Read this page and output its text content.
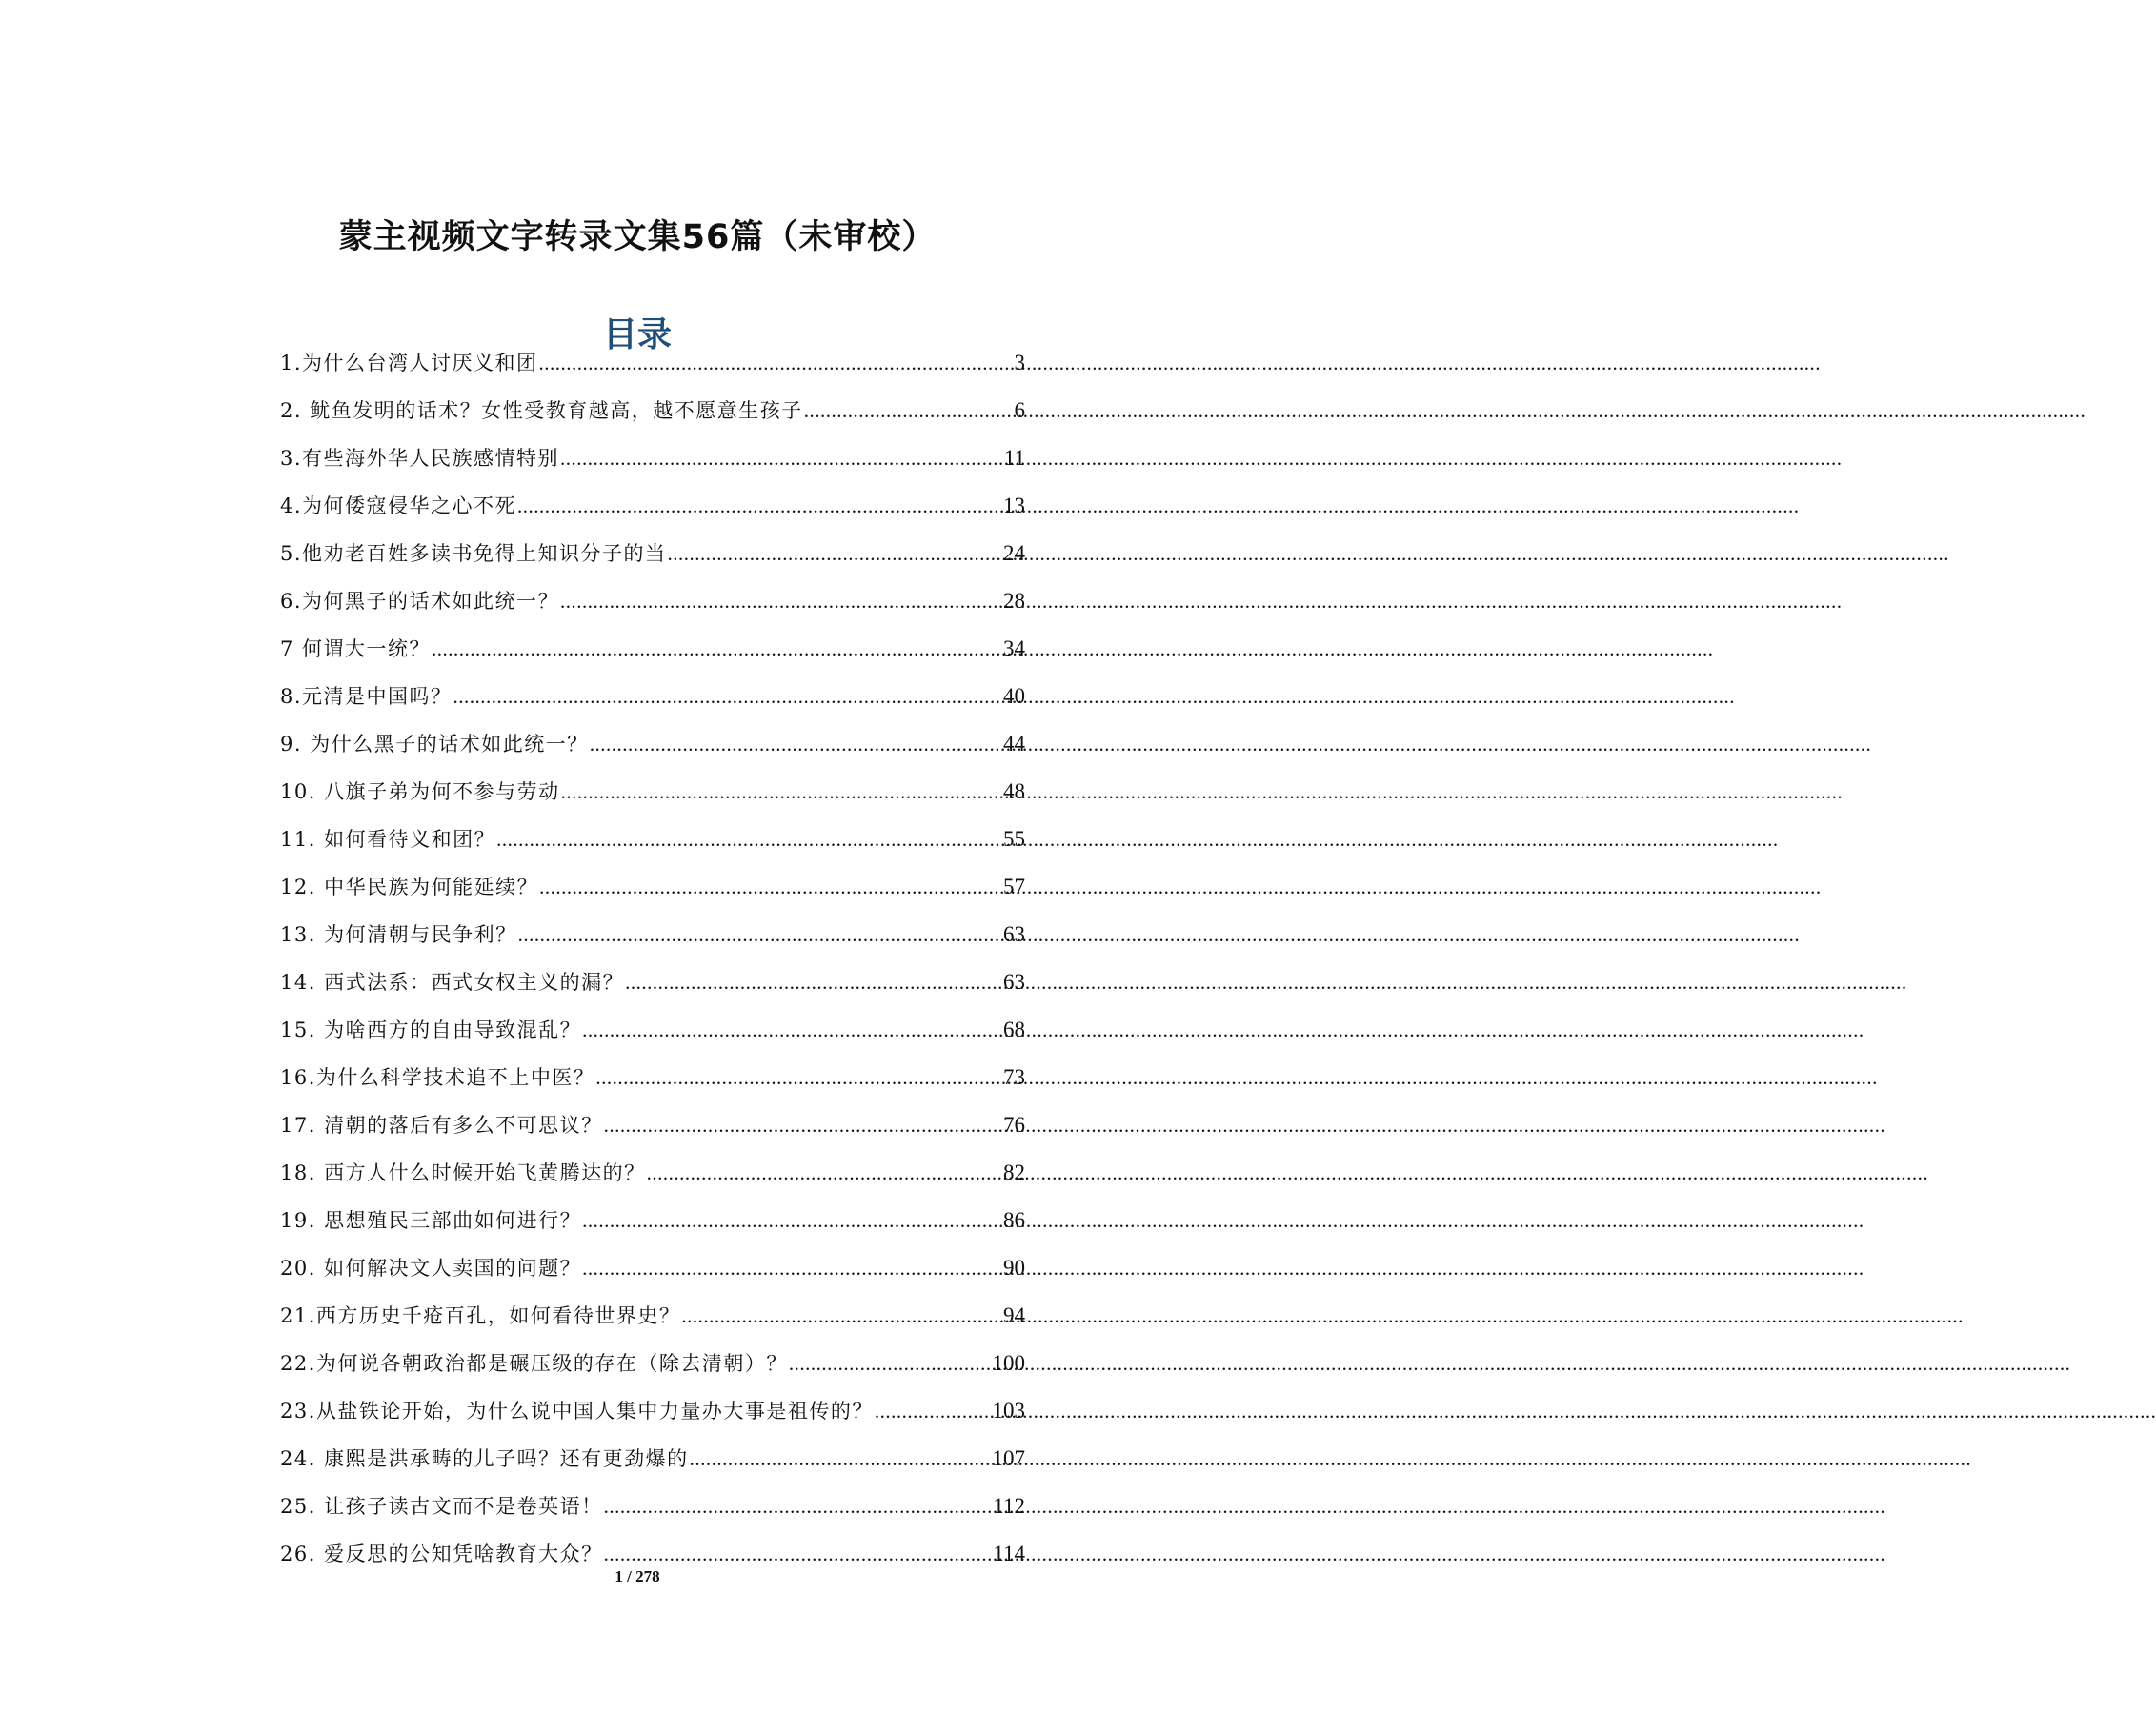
蒙主视频文字转录文集56篇（未审校）
目录
1.为什么台湾人讨厌义和团 .....	3
2. 鱿鱼发明的话术？女性受教育越高，越不愿意生孩子 .....	6
3.有些海外华人民族感情特别 .....	11
4.为何倭寇侵华之心不死 .....	13
5.他劝老百姓多读书免得上知识分子的当 .....	24
6.为何黑子的话术如此统一？ .....	28
7 何谓大一统？ .....	34
8.元清是中国吗？ .....	40
9. 为什么黑子的话术如此统一？ .....	44
10. 八旗子弟为何不参与劳动 .....	48
11. 如何看待义和团？ .....	55
12. 中华民族为何能延续？ .....	57
13. 为何清朝与民争利？ .....	63
14. 西式法系：西式女权主义的漏？ .....	63
15. 为啥西方的自由导致混乱？ .....	68
16.为什么科学技术追不上中医？ .....	73
17. 清朝的落后有多么不可思议？ .....	76
18. 西方人什么时候开始飞黄腾达的？ .....	82
19. 思想殖民三部曲如何进行？ .....	86
20. 如何解决文人卖国的问题？ .....	90
21.西方历史千疮百孔，如何看待世界史？ .....	94
22.为何说各朝政治都是碾压级的存在（除去清朝）？ .....	100
23.从盐铁论开始，为什么说中国人集中力量办大事是祖传的？ .....	103
24. 康熙是洪承畴的儿子吗？还有更劲爆的 .....	107
25. 让孩子读古文而不是卷英语！ .....	112
26. 爱反思的公知凭啥教育大众？ .....	114
1 / 278
